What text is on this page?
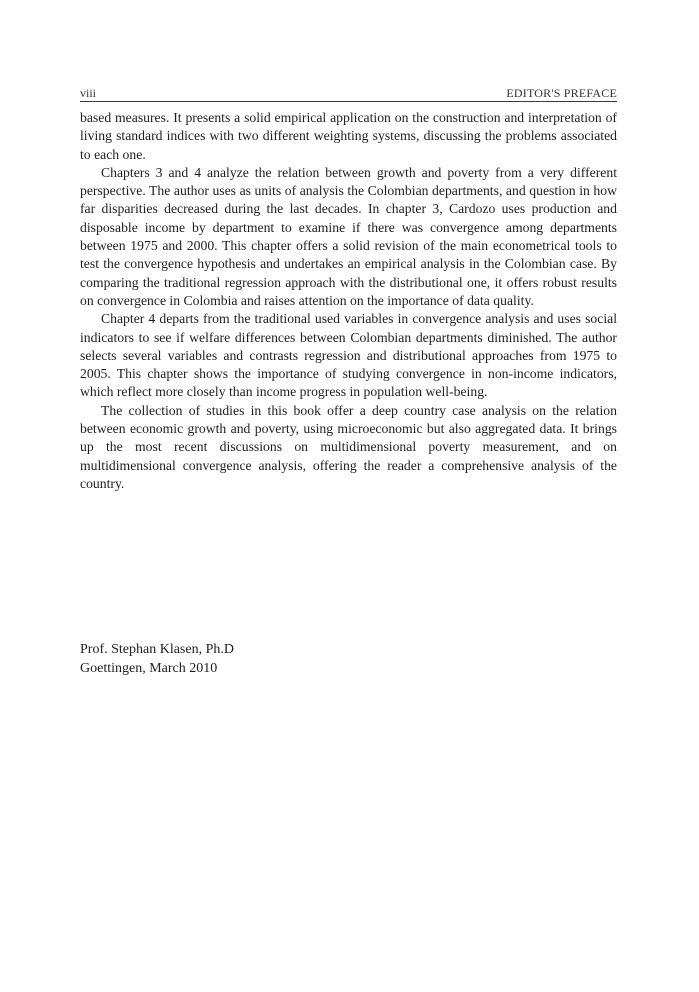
viii	EDITOR'S PREFACE

based measures. It presents a solid empirical application on the construction and interpretation of living standard indices with two different weighting systems, discussing the problems associated to each one.

Chapters 3 and 4 analyze the relation between growth and poverty from a very different perspective. The author uses as units of analysis the Colombian departments, and question in how far disparities decreased during the last decades. In chapter 3, Cardozo uses production and disposable income by department to examine if there was convergence among departments between 1975 and 2000. This chapter offers a solid revision of the main econometrical tools to test the convergence hypothesis and undertakes an empirical analysis in the Colombian case. By comparing the traditional regression approach with the distributional one, it offers robust results on convergence in Colombia and raises attention on the importance of data quality.

Chapter 4 departs from the traditional used variables in convergence analysis and uses social indicators to see if welfare differences between Colombian departments diminished. The author selects several variables and contrasts regression and distributional approaches from 1975 to 2005. This chapter shows the importance of studying convergence in non-income indicators, which reflect more closely than income progress in population well-being.

The collection of studies in this book offer a deep country case analysis on the relation between economic growth and poverty, using microeconomic but also aggregated data. It brings up the most recent discussions on multidimensional poverty measurement, and on multidimensional convergence analysis, offering the reader a comprehensive analysis of the country.

Prof. Stephan Klasen, Ph.D
Goettingen, March 2010
